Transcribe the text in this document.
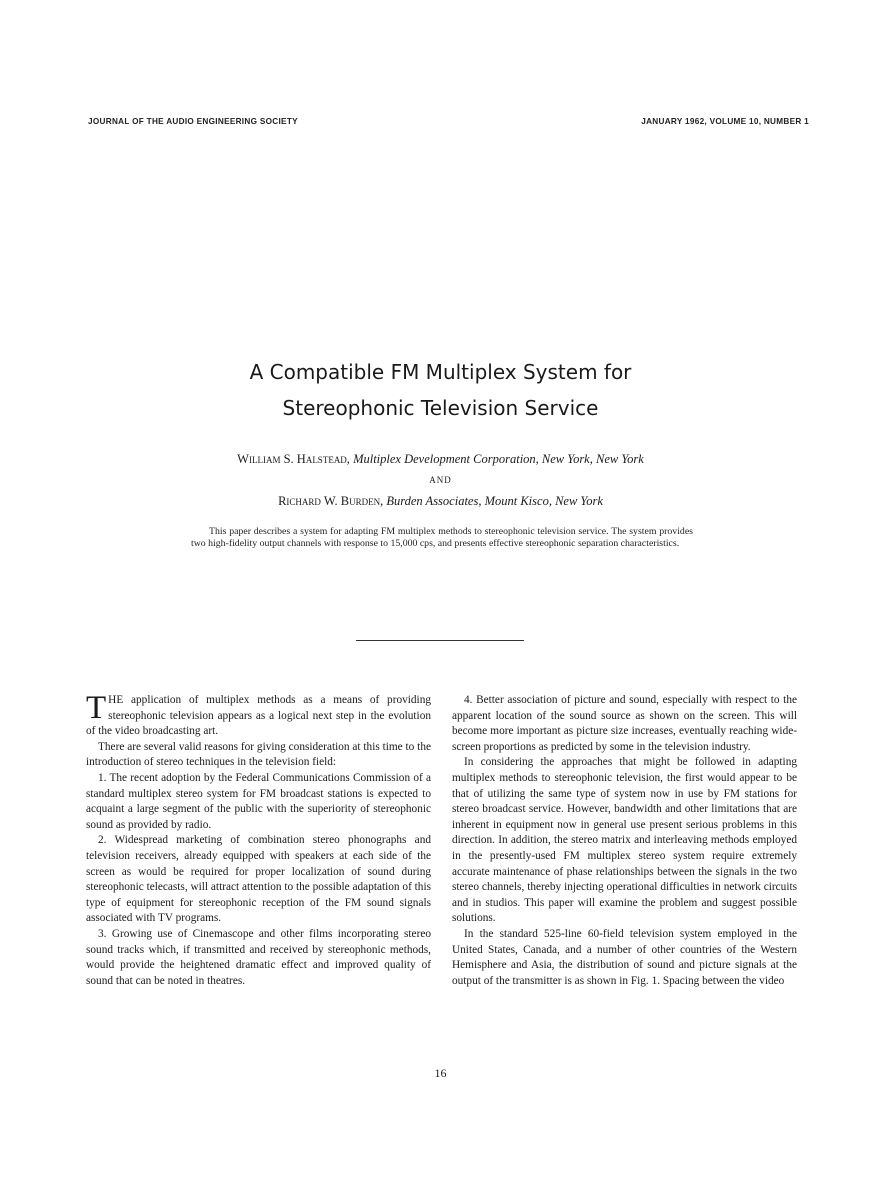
JOURNAL OF THE AUDIO ENGINEERING SOCIETY	JANUARY 1962, VOLUME 10, NUMBER 1
A Compatible FM Multiplex System for
Stereophonic Television Service
William S. Halstead, Multiplex Development Corporation, New York, New York
AND
Richard W. Burden, Burden Associates, Mount Kisco, New York

This paper describes a system for adapting FM multiplex methods to stereophonic television service. The system provides two high-fidelity output channels with response to 15,000 cps, and presents effective stereophonic separation characteristics.

THE application of multiplex methods as a means of providing stereophonic television appears as a logical next step in the evolution of the video broadcasting art.

There are several valid reasons for giving consideration at this time to the introduction of stereo techniques in the television field:

1. The recent adoption by the Federal Communications Commission of a standard multiplex stereo system for FM broadcast stations is expected to acquaint a large segment of the public with the superiority of stereophonic sound as provided by radio.

2. Widespread marketing of combination stereo phonographs and television receivers, already equipped with speakers at each side of the screen as would be required for proper localization of sound during stereophonic telecasts, will attract attention to the possible adaptation of this type of equipment for stereophonic reception of the FM sound signals associated with TV programs.

3. Growing use of Cinemascope and other films incorporating stereo sound tracks which, if transmitted and received by stereophonic methods, would provide the heightened dramatic effect and improved quality of sound that can be noted in theatres.

4. Better association of picture and sound, especially with respect to the apparent location of the sound source as shown on the screen. This will become more important as picture size increases, eventually reaching wide-screen proportions as predicted by some in the television industry.

In considering the approaches that might be followed in adapting multiplex methods to stereophonic television, the first would appear to be that of utilizing the same type of system now in use by FM stations for stereo broadcast service. However, bandwidth and other limitations that are inherent in equipment now in general use present serious problems in this direction. In addition, the stereo matrix and interleaving methods employed in the presently-used FM multiplex stereo system require extremely accurate maintenance of phase relationships between the signals in the two stereo channels, thereby injecting operational difficulties in network circuits and in studios. This paper will examine the problem and suggest possible solutions.

In the standard 525-line 60-field television system employed in the United States, Canada, and a number of other countries of the Western Hemisphere and Asia, the distribution of sound and picture signals at the output of the transmitter is as shown in Fig. 1. Spacing between the video

16
